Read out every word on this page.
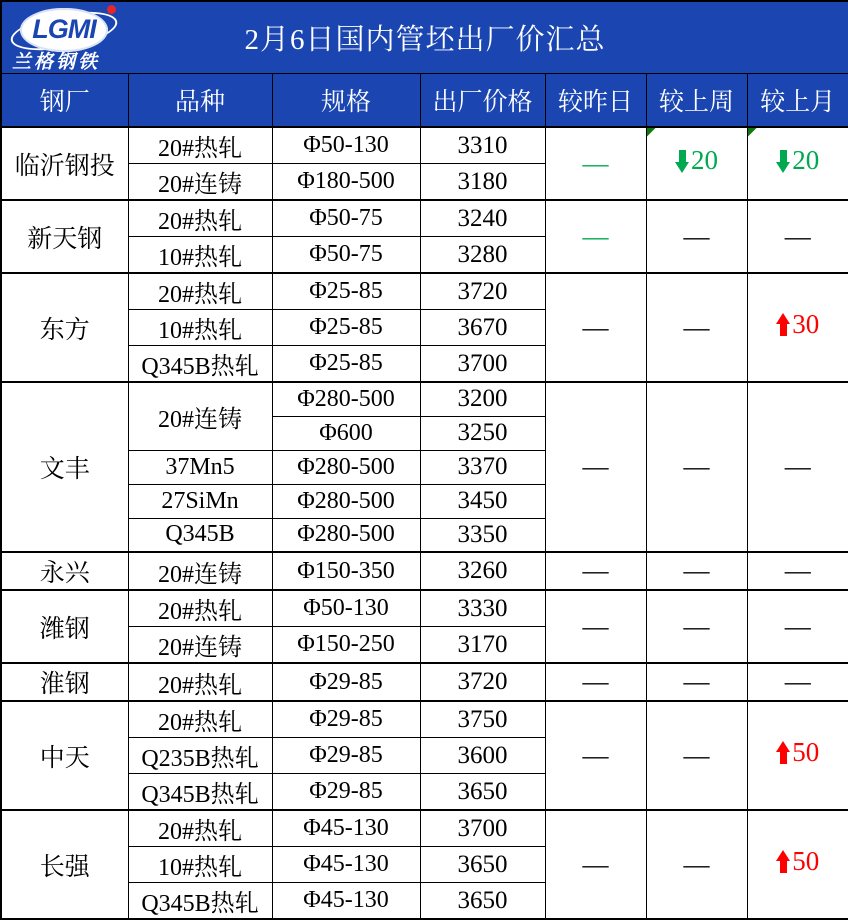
LGMI
兰格钢铁
2月6日国内管坯出厂价汇总						
钢厂	品种	规格	出厂价格	较昨日	较上周	较上月
临沂钢投	20#热轧	Φ50-130	3310	—	20	20

	20#连铸	Φ180-500	3180			
新天钢	20#热轧	Φ50-75	3240	—	—	—
	10#热轧	Φ50-75	3280			
东方	20#热轧	Φ25-85	3720	—	—	30

	10#热轧	Φ25-85	3670			
	Q345B热轧	Φ25-85	3700			
文丰	20#连铸	Φ280-500	3200	—	—	—
		Φ600	3250			
	37Mn5	Φ280-500	3370			
	27SiMn	Φ280-500	3450			
	Q345B	Φ280-500	3350			
永兴	20#连铸	Φ150-350	3260	—	—	—
潍钢	20#热轧	Φ50-130	3330	—	—	—
	20#连铸	Φ150-250	3170			
淮钢	20#热轧	Φ29-85	3720	—	—	—
中天	20#热轧	Φ29-85	3750	—	—	50

	Q235B热轧	Φ29-85	3600			
	Q345B热轧	Φ29-85	3650			
长强	20#热轧	Φ45-130	3700	—	—	50

	10#热轧	Φ45-130	3650			
	Q345B热轧	Φ45-130	3650			
